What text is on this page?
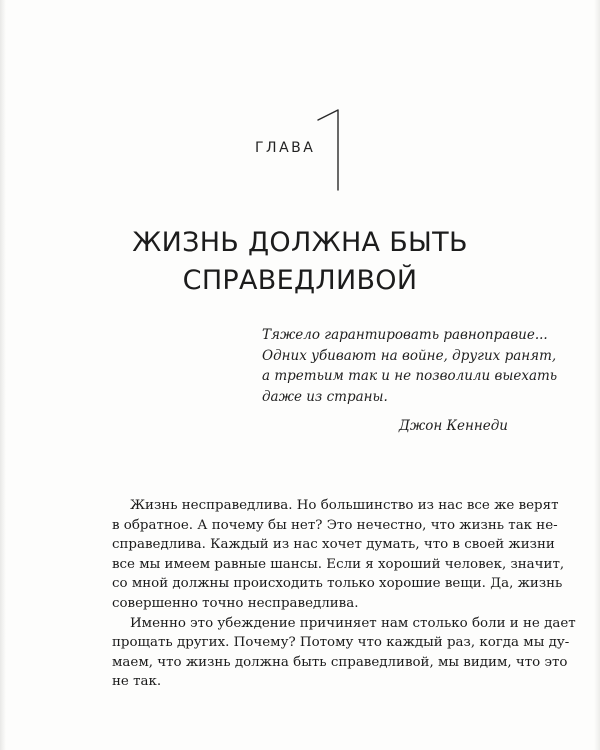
ГЛАВА
ЖИЗНЬ ДОЛЖНА БЫТЬ
СПРАВЕДЛИВОЙ
Тяжело гарантировать равноправие...
Одних убивают на войне, других ранят,
а третьим так и не позволили выехать
даже из страны.
Джон Кеннеди
Жизнь несправедлива. Но большинство из нас все же верят
в обратное. А почему бы нет? Это нечестно, что жизнь так не-
справедлива. Каждый из нас хочет думать, что в своей жизни
все мы имеем равные шансы. Если я хороший человек, значит,
со мной должны происходить только хорошие вещи. Да, жизнь
совершенно точно несправедлива.
Именно это убеждение причиняет нам столько боли и не дает
прощать других. Почему? Потому что каждый раз, когда мы ду-
маем, что жизнь должна быть справедливой, мы видим, что это
не так.
